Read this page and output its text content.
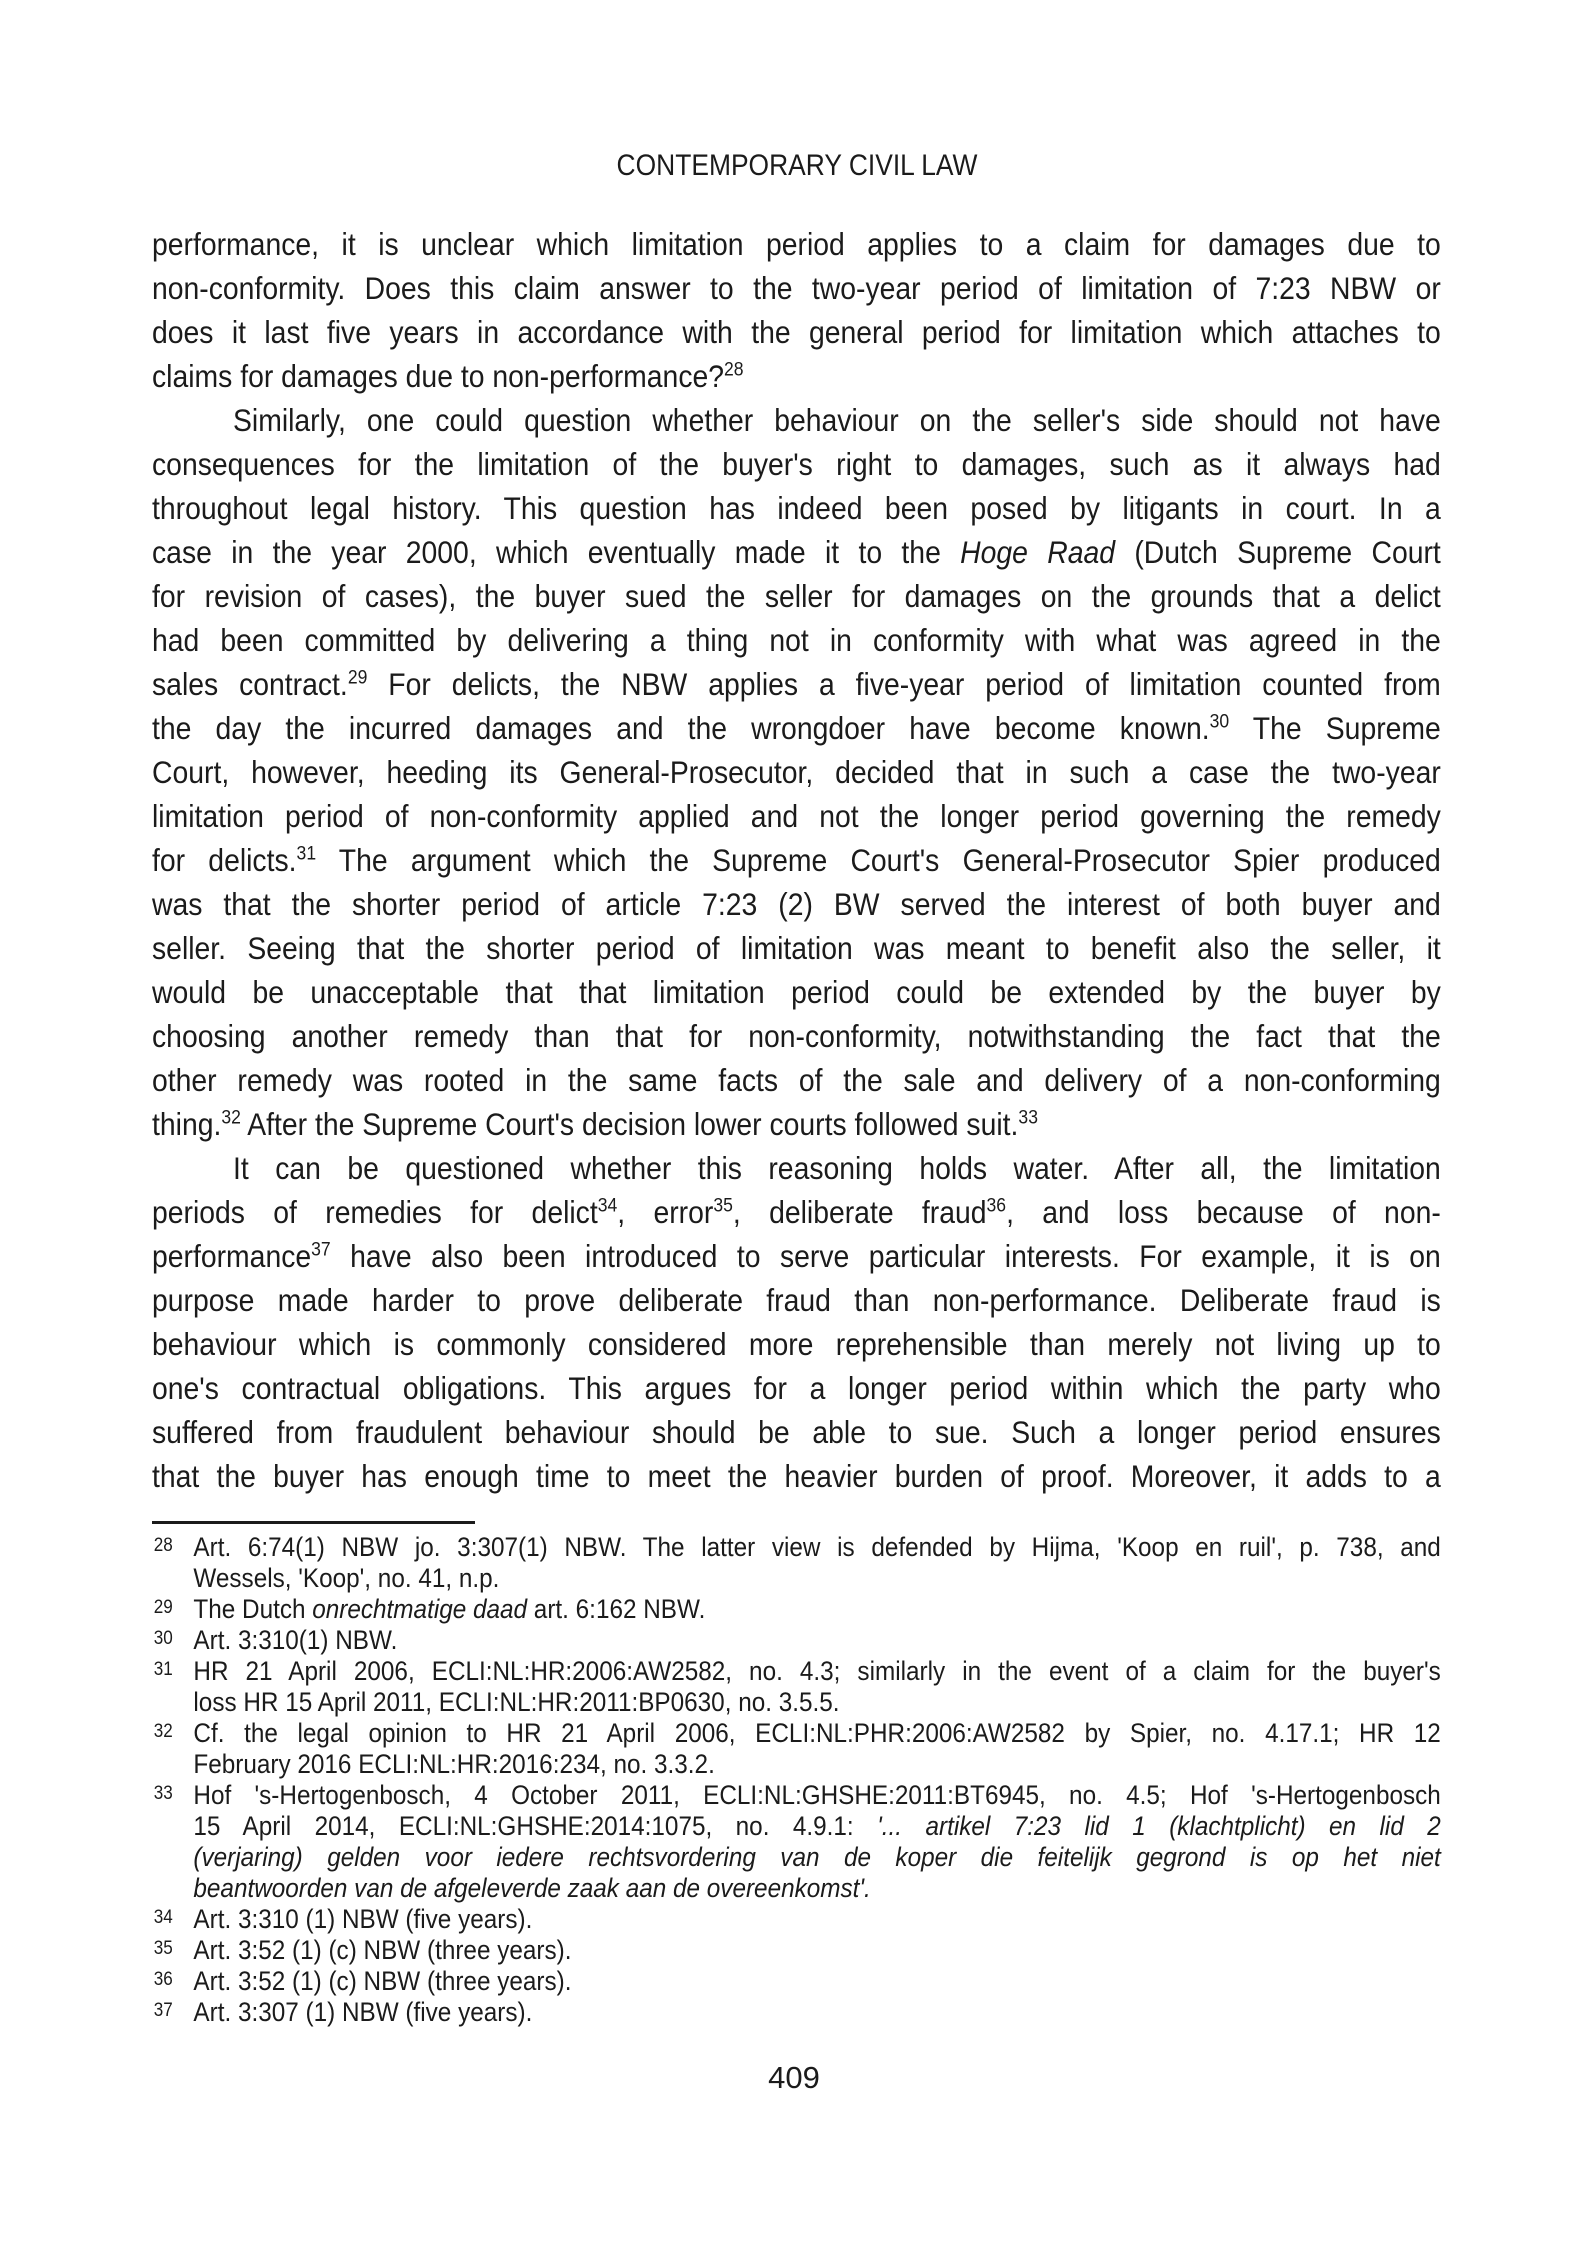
CONTEMPORARY CIVIL LAW
performance, it is unclear which limitation period applies to a claim for damages due to
non-conformity. Does this claim answer to the two-year period of limitation of 7:23 NBW or
does it last five years in accordance with the general period for limitation which attaches to
claims for damages due to non-performance?$^{28}$
Similarly, one could question whether behaviour on the seller's side should not have
consequences for the limitation of the buyer's right to damages, such as it always had
throughout legal history. This question has indeed been posed by litigants in court. In a
case in the year 2000, which eventually made it to the Hoge Raad (Dutch Supreme Court
for revision of cases), the buyer sued the seller for damages on the grounds that a delict
had been committed by delivering a thing not in conformity with what was agreed in the
sales contract.$^{29}$ For delicts, the NBW applies a five-year period of limitation counted from
the day the incurred damages and the wrongdoer have become known.$^{30}$ The Supreme
Court, however, heeding its General-Prosecutor, decided that in such a case the two-year
limitation period of non-conformity applied and not the longer period governing the remedy
for delicts.$^{31}$ The argument which the Supreme Court's General-Prosecutor Spier produced
was that the shorter period of article 7:23 (2) BW served the interest of both buyer and
seller. Seeing that the shorter period of limitation was meant to benefit also the seller, it
would be unacceptable that that limitation period could be extended by the buyer by
choosing another remedy than that for non-conformity, notwithstanding the fact that the
other remedy was rooted in the same facts of the sale and delivery of a non-conforming
thing.$^{32}$ After the Supreme Court's decision lower courts followed suit.$^{33}$
It can be questioned whether this reasoning holds water. After all, the limitation
periods of remedies for delict$^{34}$, error$^{35}$, deliberate fraud$^{36}$, and loss because of non-
performance$^{37}$ have also been introduced to serve particular interests. For example, it is on
purpose made harder to prove deliberate fraud than non-performance. Deliberate fraud is
behaviour which is commonly considered more reprehensible than merely not living up to
one's contractual obligations. This argues for a longer period within which the party who
suffered from fraudulent behaviour should be able to sue. Such a longer period ensures
that the buyer has enough time to meet the heavier burden of proof. Moreover, it adds to a
28 Art. 6:74(1) NBW jo. 3:307(1) NBW. The latter view is defended by Hijma, 'Koop en ruil', p. 738, and
Wessels, 'Koop', no. 41, n.p.
29 The Dutch onrechtmatige daad art. 6:162 NBW.
30 Art. 3:310(1) NBW.
31 HR 21 April 2006, ECLI:NL:HR:2006:AW2582, no. 4.3; similarly in the event of a claim for the buyer's
loss HR 15 April 2011, ECLI:NL:HR:2011:BP0630, no. 3.5.5.
32 Cf. the legal opinion to HR 21 April 2006, ECLI:NL:PHR:2006:AW2582 by Spier, no. 4.17.1; HR 12
February 2016 ECLI:NL:HR:2016:234, no. 3.3.2.
33 Hof 's-Hertogenbosch, 4 October 2011, ECLI:NL:GHSHE:2011:BT6945, no. 4.5; Hof 's-Hertogenbosch
15 April 2014, ECLI:NL:GHSHE:2014:1075, no. 4.9.1: '... artikel 7:23 lid 1 (klachtplicht) en lid 2
(verjaring) gelden voor iedere rechtsvordering van de koper die feitelijk gegrond is op het niet
beantwoorden van de afgeleverde zaak aan de overeenkomst'.
34 Art. 3:310 (1) NBW (five years).
35 Art. 3:52 (1) (c) NBW (three years).
36 Art. 3:52 (1) (c) NBW (three years).
37 Art. 3:307 (1) NBW (five years).
409
